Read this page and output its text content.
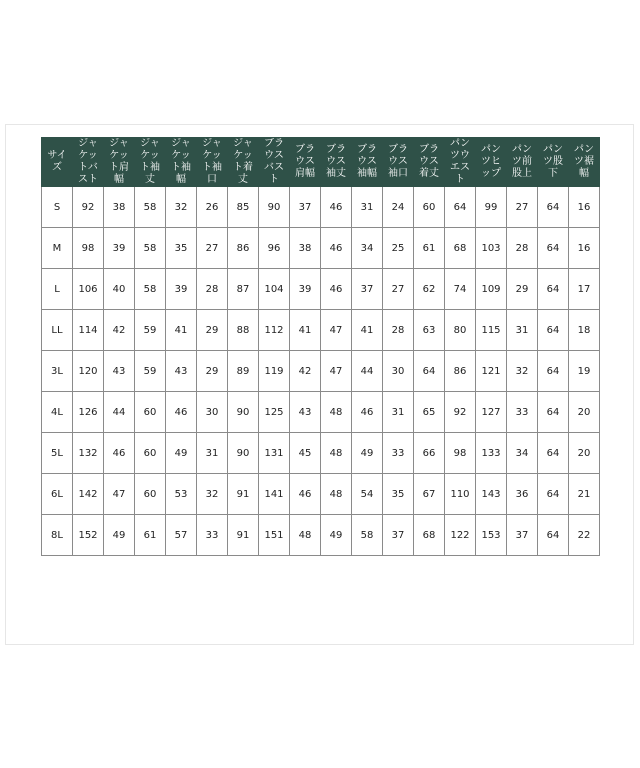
サイズ	ジャケットバスト	ジャケット肩幅	ジャケット袖丈	ジャケット袖幅	ジャケット袖口	ジャケット着丈	ブラウスバスト	ブラウス肩幅	ブラウス袖丈	ブラウス袖幅	ブラウス袖口	ブラウス着丈	パンツウエスト	パンツヒップ	パンツ前股上	パンツ股下	パンツ裾幅
S	92	38	58	32	26	85	90	37	46	31	24	60	64	99	27	64	16
M	98	39	58	35	27	86	96	38	46	34	25	61	68	103	28	64	16
L	106	40	58	39	28	87	104	39	46	37	27	62	74	109	29	64	17
LL	114	42	59	41	29	88	112	41	47	41	28	63	80	115	31	64	18
3L	120	43	59	43	29	89	119	42	47	44	30	64	86	121	32	64	19
4L	126	44	60	46	30	90	125	43	48	46	31	65	92	127	33	64	20
5L	132	46	60	49	31	90	131	45	48	49	33	66	98	133	34	64	20
6L	142	47	60	53	32	91	141	46	48	54	35	67	110	143	36	64	21
8L	152	49	61	57	33	91	151	48	49	58	37	68	122	153	37	64	22
